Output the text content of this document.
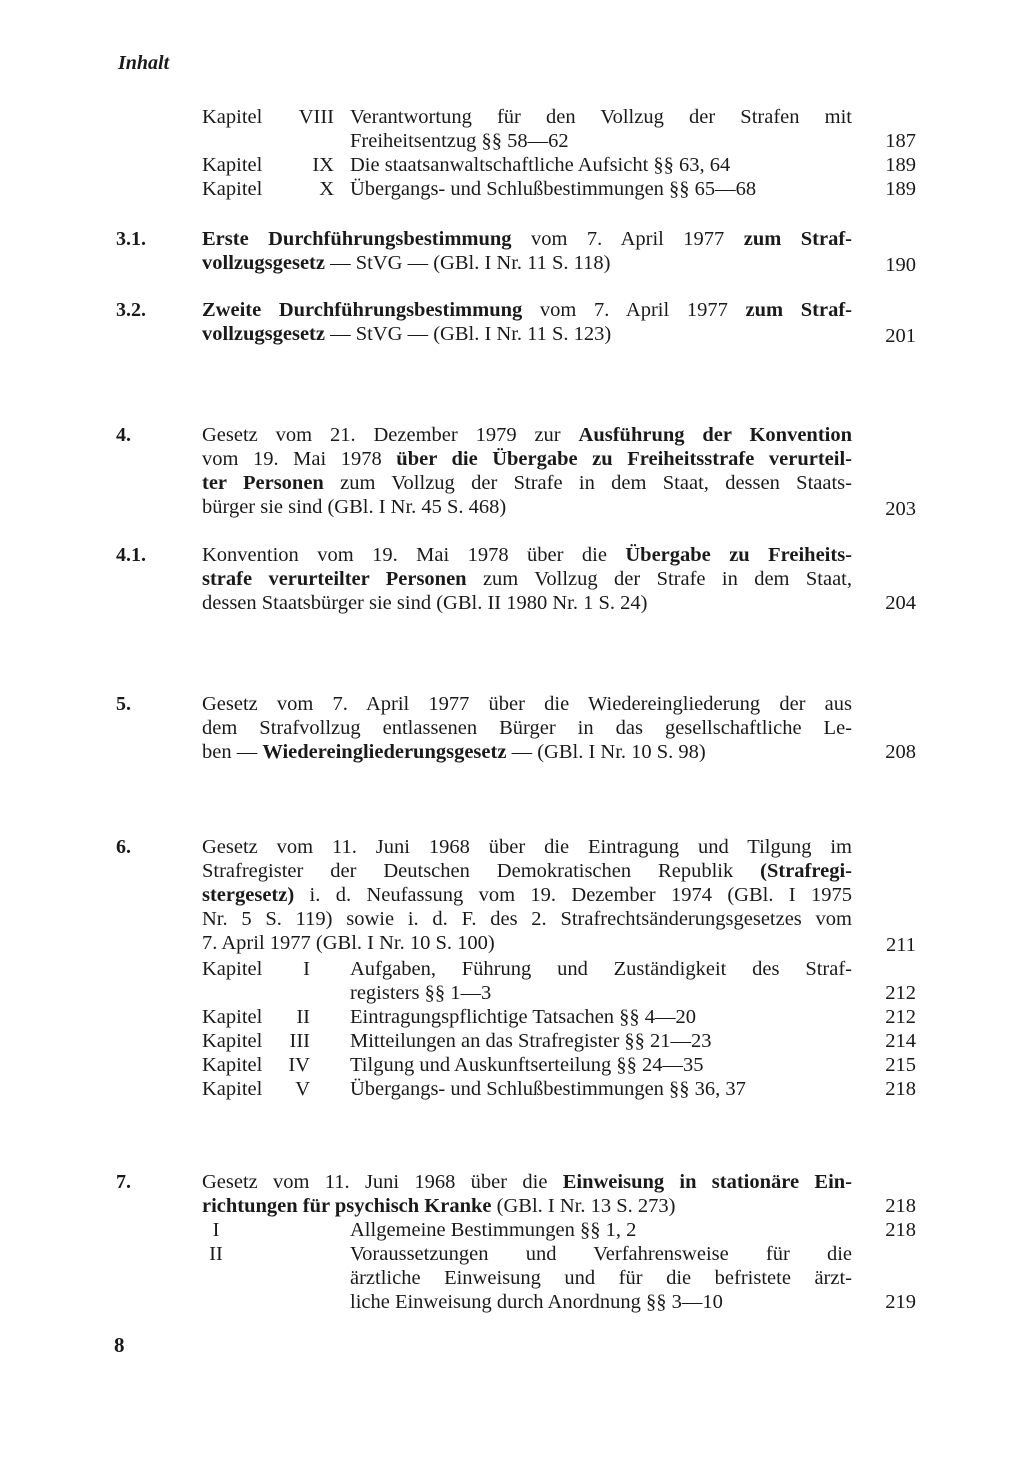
Inhalt
Kapitel VIII Verantwortung für den Vollzug der Strafen mit
Freiheitsentzug §§ 58—62	187
Kapitel	IX Die staatsanwaltschaftliche Aufsicht §§ 63, 64	189
Kapitel	X Übergangs- und Schlußbestimmungen §§ 65—68	189
3.1.	Erste Durchführungsbestimmung vom 7. April 1977 zum Straf-
vollzugsgesetz — StVG — (GBl. I Nr. 11 S. 118)	190
3.2.	Zweite Durchführungsbestimmung vom 7. April 1977 zum Straf-
vollzugsgesetz — StVG — (GBl. I Nr. 11 S. 123)	201
4.	Gesetz vom 21. Dezember 1979 zur Ausführung der Konvention
vom 19. Mai 1978 über die Übergabe zu Freiheitsstrafe verurteil-
ter Personen zum Vollzug der Strafe in dem Staat, dessen Staats-
bürger sie sind (GBl. I Nr. 45 S. 468)	203
4.1.	Konvention vom 19. Mai 1978 über die Übergabe zu Freiheits-
strafe verurteilter Personen zum Vollzug der Strafe in dem Staat,
dessen Staatsbürger sie sind (GBl. II 1980 Nr. 1 S. 24)	204
5.	Gesetz vom 7. April 1977 über die Wiedereingliederung der aus
dem Strafvollzug entlassenen Bürger in das gesellschaftliche Le-
ben — Wiedereingliederungsgesetz — (GBl. I Nr. 10 S. 98)	208
6.	Gesetz vom 11. Juni 1968 über die Eintragung und Tilgung im
Strafregister der Deutschen Demokratischen Republik (Strafregi-
stergesetz) i. d. Neufassung vom 19. Dezember 1974 (GBl. I 1975
Nr. 5 S. 119) sowie i. d. F. des 2. Strafrechtsänderungsgesetzes vom
7. April 1977 (GBl. I Nr. 10 S. 100)	211
Kapitel	I Aufgaben, Führung und Zuständigkeit des Straf-
registers §§ 1—3	212
Kapitel	II Eintragungspflichtige Tatsachen §§ 4—20	212
Kapitel	III Mitteilungen an das Strafregister §§ 21—23	214
Kapitel	IV Tilgung und Auskunftserteilung §§ 24—35	215
Kapitel	V Übergangs- und Schlußbestimmungen §§ 36, 37	218
7.	Gesetz vom 11. Juni 1968 über die Einweisung in stationäre Ein-
richtungen für psychisch Kranke (GBl. I Nr. 13 S. 273)	218
I	Allgemeine Bestimmungen §§ 1, 2	218
II	Voraussetzungen und Verfahrensweise für die
ärztliche Einweisung und für die befristete ärzt-
liche Einweisung durch Anordnung §§ 3—10	219
8
